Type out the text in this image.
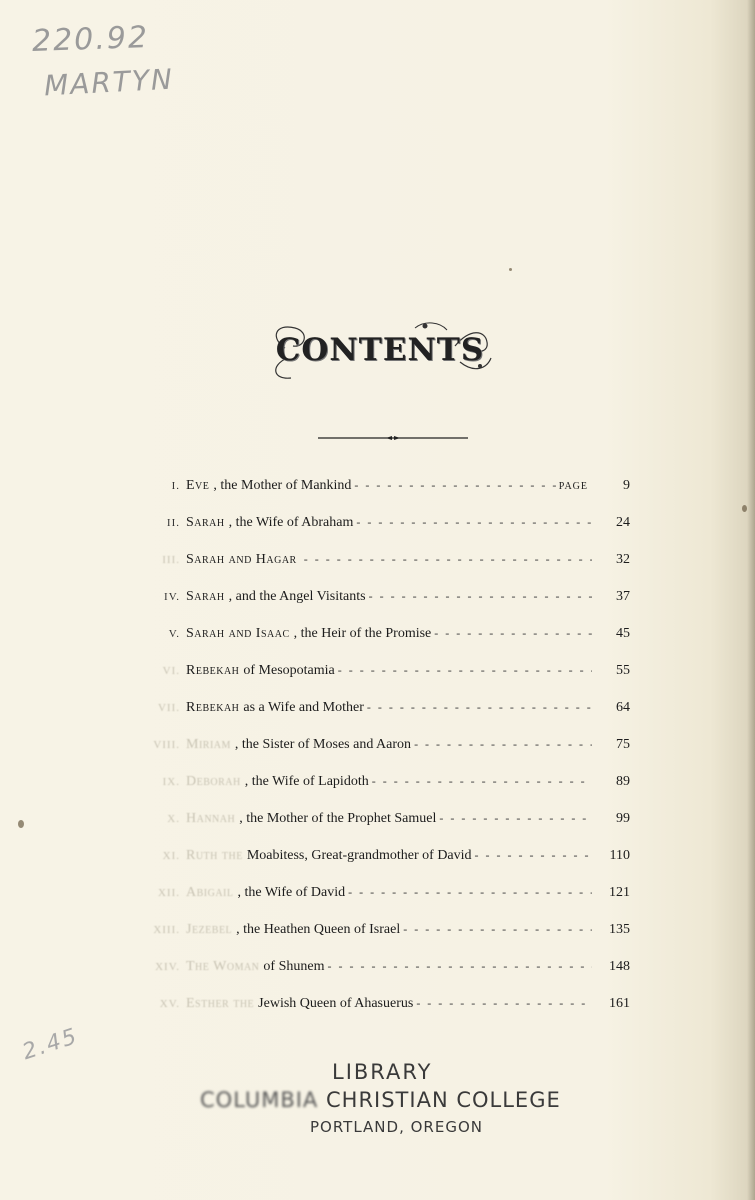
220.92
MARTYN
2.45
CONTENTS
I. Eve , the Mother of Mankind - - -	PAGE	9
II. Sarah , the Wife of Abraham - - -	24
III. Sarah and Hagar - - -	32
IV. Sarah , and the Angel Visitants - - -	37
V. Sarah and Isaac , the Heir of the Promise - - -	45
VI. Rebekah of Mesopotamia - - -	55
VII. Rebekah as a Wife and Mother - - -	64
VIII. Miriam , the Sister of Moses and Aaron - - -	75
IX. Deborah , the Wife of Lapidoth - - -	89
X. Hannah , the Mother of the Prophet Samuel - - -	99
XI. Ruth the Moabitess, Great-grandmother of David - - -	110
XII. Abigail , the Wife of David - - -	121
XIII. Jezebel , the Heathen Queen of Israel - - -	135
XIV. The Woman of Shunem - - -	148
XV. Esther the Jewish Queen of Ahasuerus - - -	161
LIBRARY
COLUMBIA CHRISTIAN COLLEGE
PORTLAND, OREGON
